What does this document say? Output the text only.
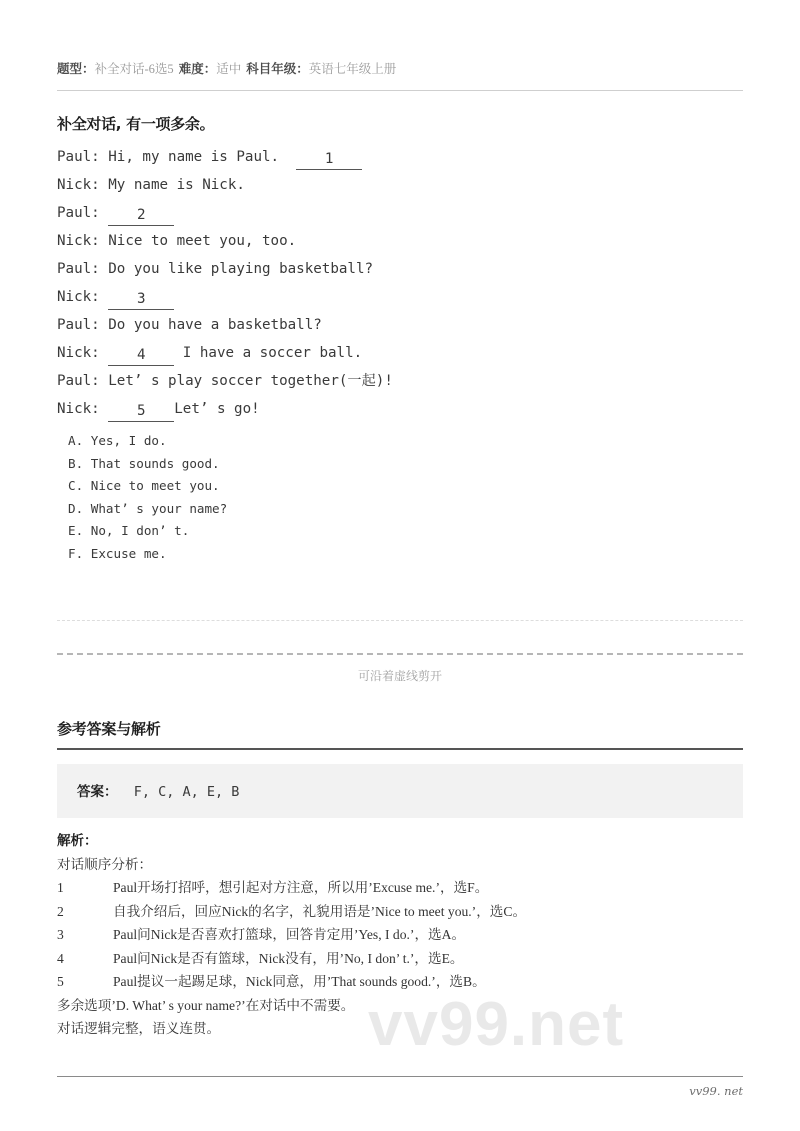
vv99.net
题型：补全对话-6选5 难度：适中 科目年级：英语七年级上册
补全对话, 有一项多余。
Paul: Hi, my name is Paul.  1
Nick: My name is Nick.
Paul:	2
Nick: Nice to meet you, too.
Paul: Do you like playing basketball?
Nick:	3
Paul: Do you have a basketball?
Nick:	4 I have a soccer ball.
Paul: Let’ s play soccer together(一起)!
Nick:	5 Let’ s go!
A. Yes, I do.
B. That sounds good.
C. Nice to meet you.
D. What’ s your name?
E. No, I don’ t.
F. Excuse me.
可沿着虚线剪开
参考答案与解析
答案：  F, C, A, E, B
解析：
对话顺序分析：
1	Paul开场打招呼，想引起对方注意，所以用’Excuse me.’，选F。
2	自我介绍后，回应Nick的名字，礼貌用语是’Nice to meet you.’，选C。
3	Paul问Nick是否喜欢打篮球，回答肯定用’Yes, I do.’，选A。
4	Paul问Nick是否有篮球，Nick没有，用’No, I don’ t.’，选E。
5	Paul提议一起踢足球，Nick同意，用’That sounds good.’，选B。
多余选项’D. What’ s your name?’在对话中不需要。
对话逻辑完整，语义连贯。
vv99. net
